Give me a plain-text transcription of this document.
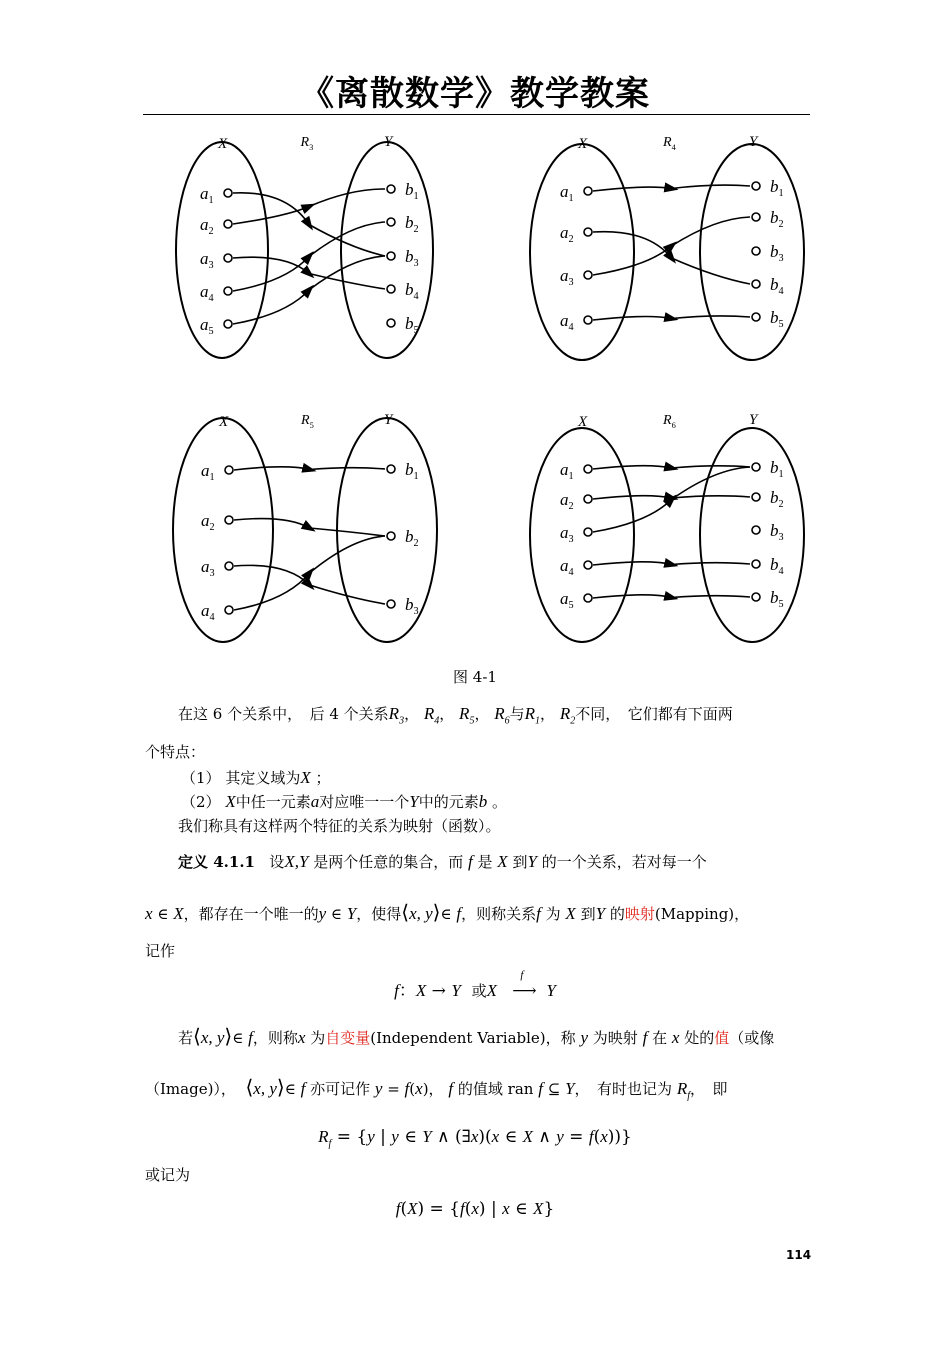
《离散数学》教学教案
X	Y
$R_3$
$a_1$
$a_2$
$a_3$
$a_4$
$a_5$
$b_1$
$b_2$
$b_3$
$b_4$
$b_5$
X	Y
$R_4$
$a_1$
$a_2$
$a_3$
$a_4$
$b_1$
$b_2$
$b_3$
$b_4$
$b_5$
X	Y
$R_5$
$a_1$
$a_2$
$a_3$
$a_4$
$b_1$
$b_2$
$b_3$
X	Y
$R_6$
$a_1$
$a_2$
$a_3$
$a_4$
$a_5$
$b_1$
$b_2$
$b_3$
$b_4$
$b_5$
图 4-1
在这 6 个关系中，　后 4 个关系$R_3$， $R_4$， $R_5$， $R_6$与$R_1$， $R_2$不同，　它们都有下面两
个特点：
（1） 其定义域为X ；
（2） X中任一元素a对应唯一一个Y中的元素b 。
我们称具有这样两个特征的关系为映射（函数）。
定义 4.1.1 设X,Y 是两个任意的集合，而 f 是 X 到Y 的一个关系，若对每一个
x ∈ X，都存在一个唯一的y ∈ Y，使得⟨x, y⟩∈ f，则称关系f 为 X 到Y 的映射(Mapping)，
记作
f：X → Y 或X
f
⟶ Y
若⟨x, y⟩∈ f，则称x 为自变量(Independent Variable)，称 y 为映射 f 在 x 处的值（或像
（Image)）， ⟨x, y⟩∈ f 亦可记作 y = f(x)， f 的值域 ran f ⊆ Y，　有时也记为 $R_f$，　即
$R_f = \{y$ | y ∈ Y ∧ (∃x)(x ∈ X ∧ y = f(x))}
或记为
f(X) = {f(x) | x ∈ X}
114
